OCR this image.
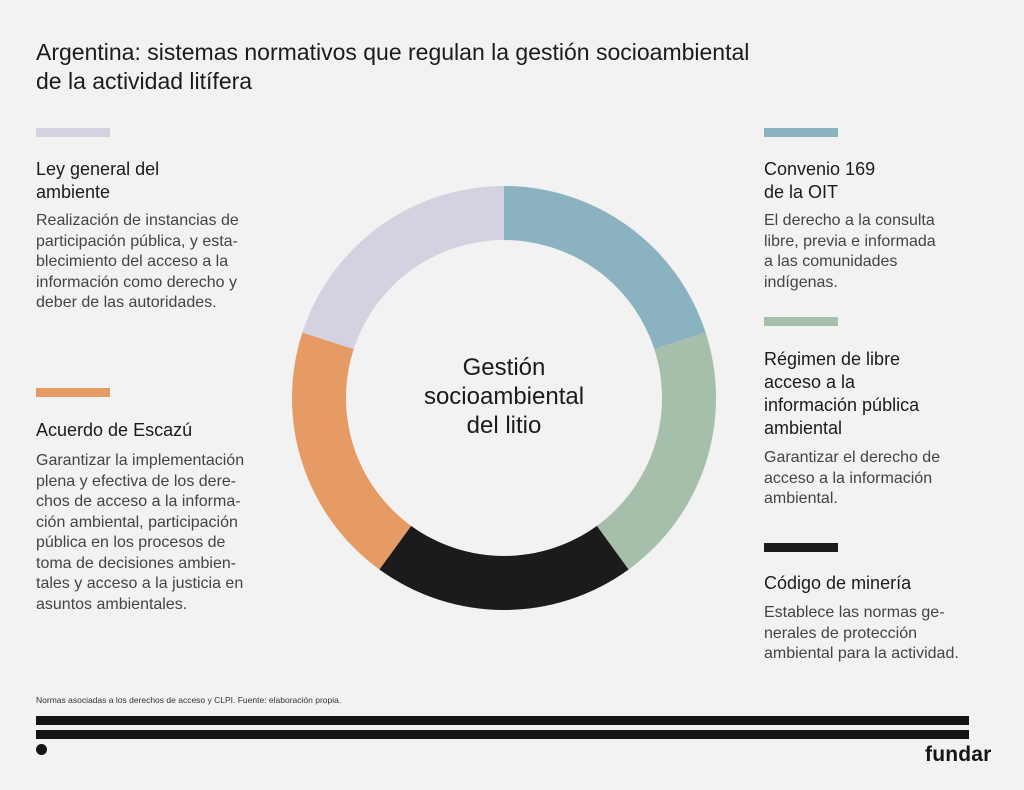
Argentina: sistemas normativos que regulan la gestión socioambiental
de la actividad litífera

Ley general del
ambiente

Realización de instancias de
participación pública, y esta-
blecimiento del acceso a la
información como derecho y
deber de las autoridades.

Acuerdo de Escazú

Garantizar la implementación
plena y efectiva de los dere-
chos de acceso a la informa-
ción ambiental, participación
pública en los procesos de
toma de decisiones ambien-
tales y acceso a la justicia en
asuntos ambientales.

Convenio 169
de la OIT

El derecho a la consulta
libre, previa e informada
a las comunidades
indígenas.

Régimen de libre
acceso a la
información pública
ambiental

Garantizar el derecho de
acceso a la información
ambiental.

Código de minería

Establece las normas ge-
nerales de protección
ambiental para la actividad.

Gestión
socioambiental
del litio
Normas asociadas a los derechos de acceso y CLPI. Fuente: elaboración propia.
fundar
